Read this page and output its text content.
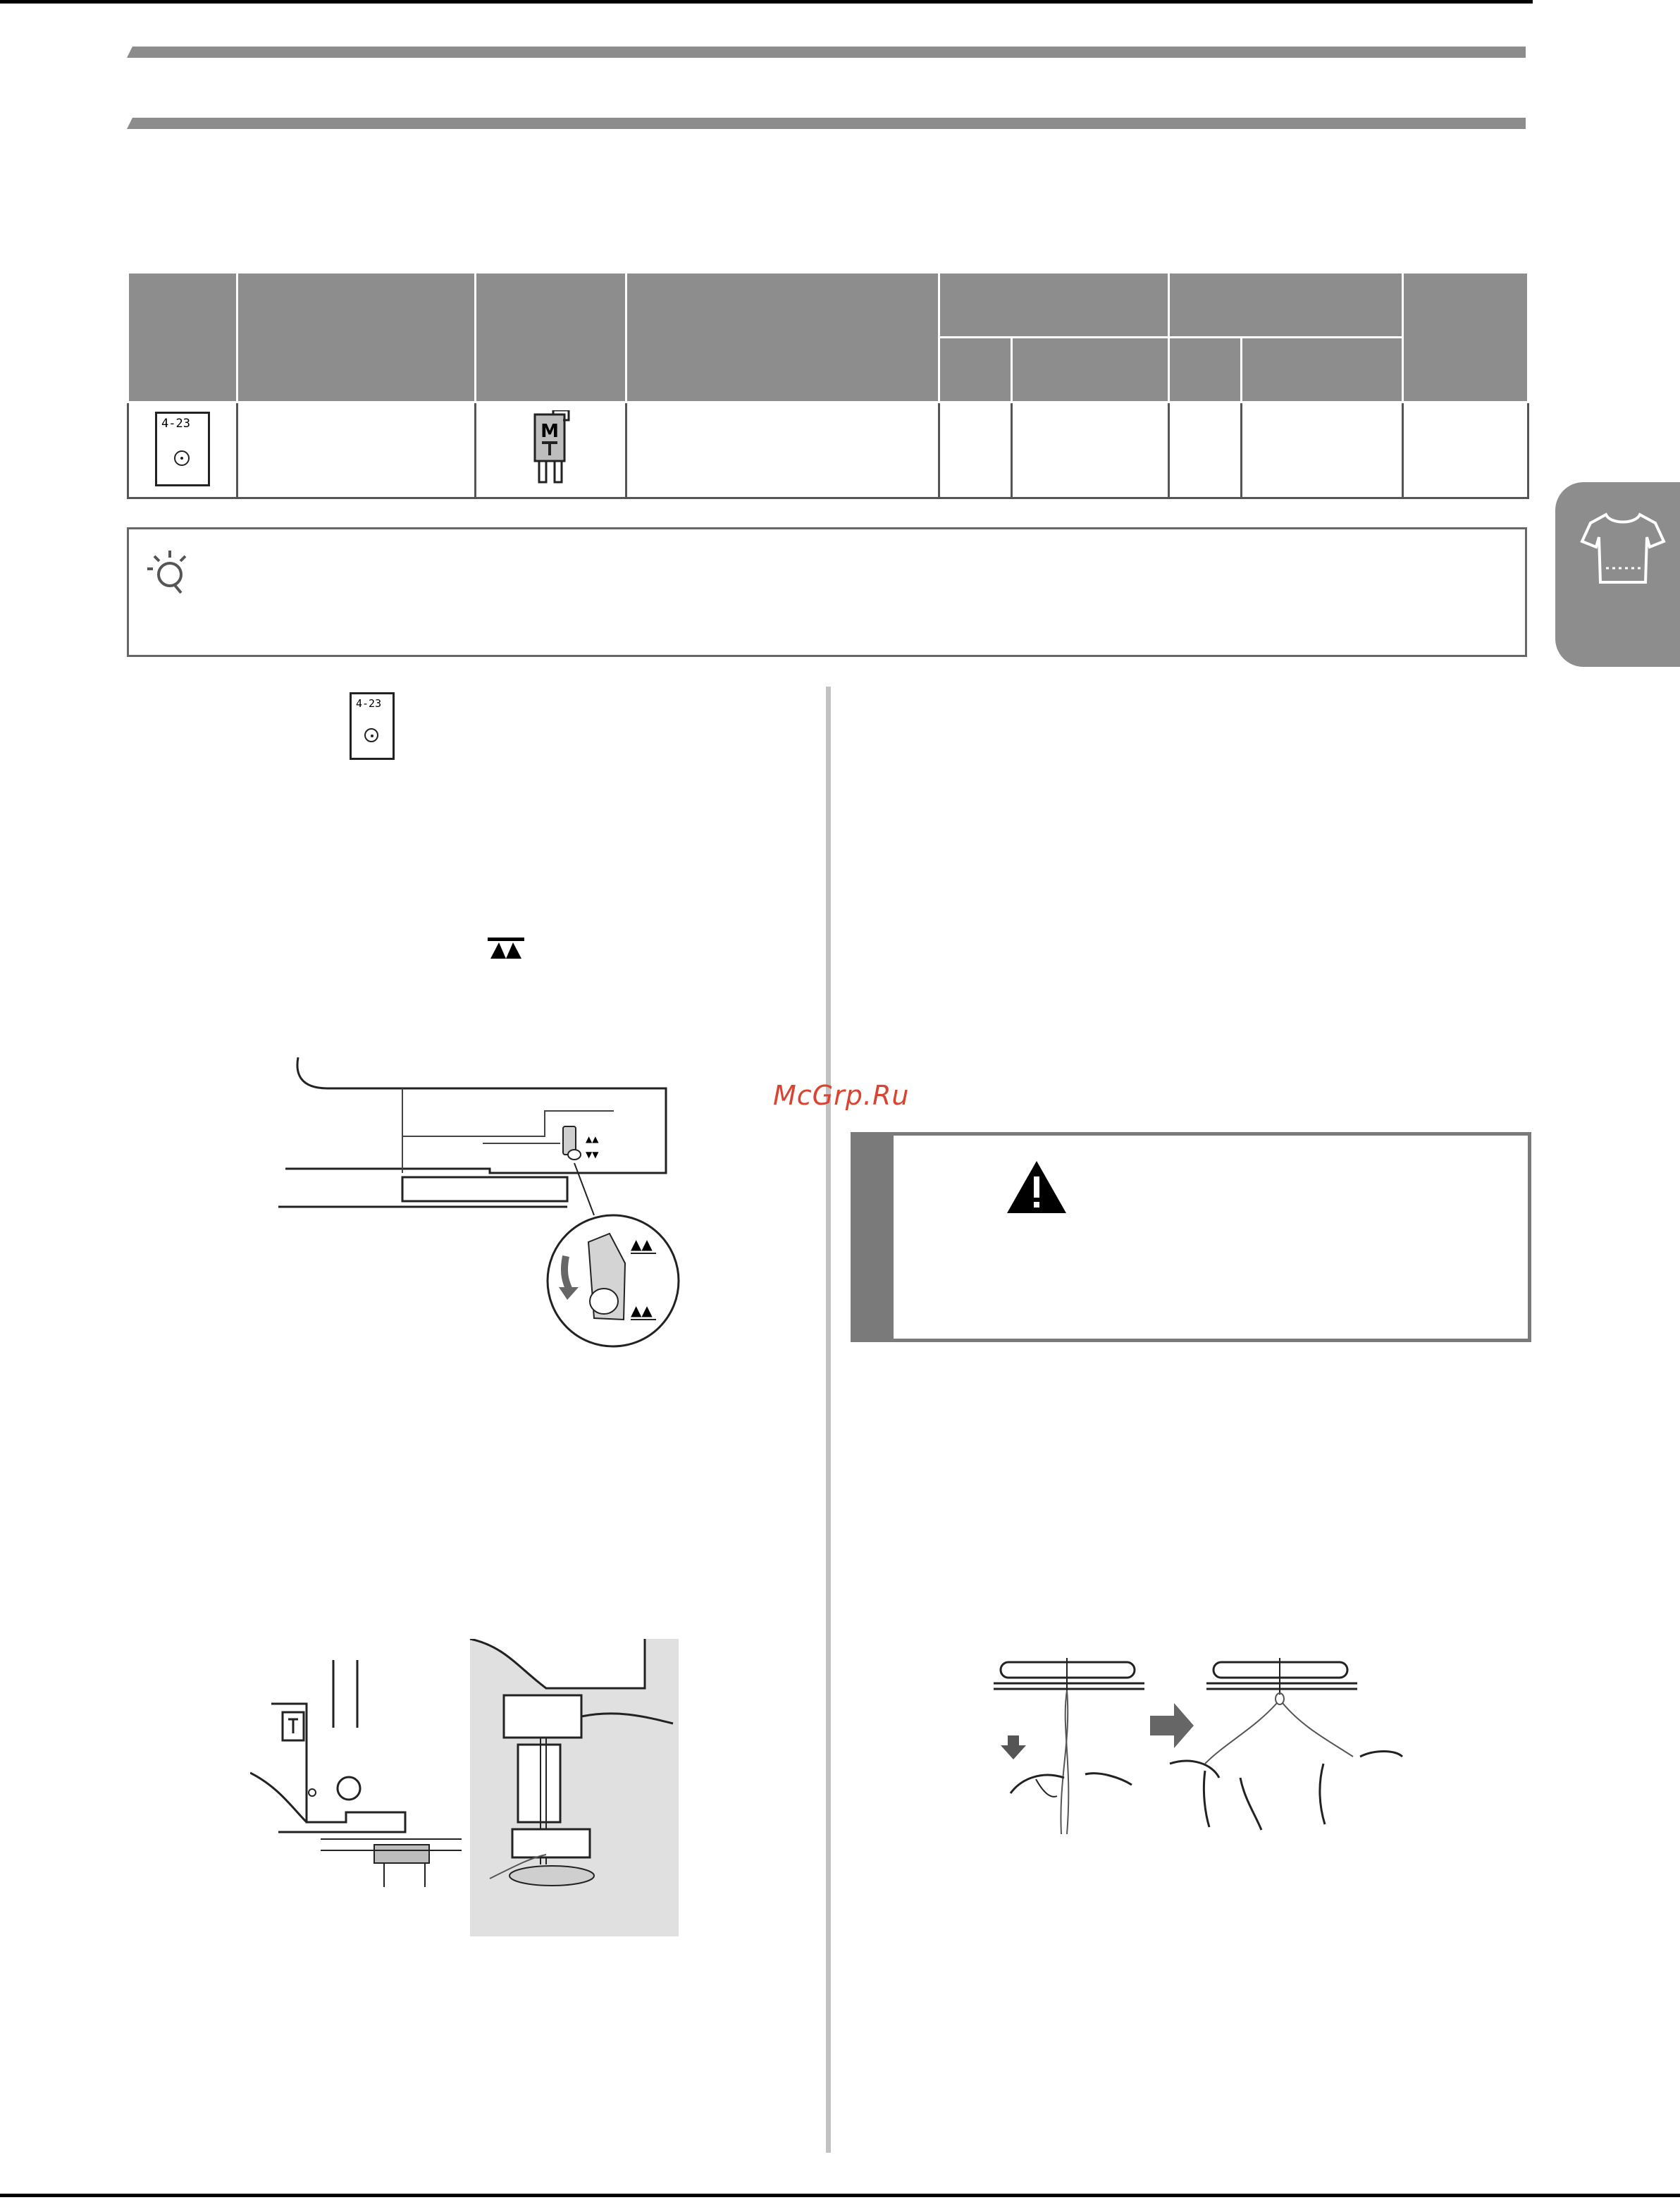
4-23		M						

4-23
▲▲
▼▼
▲▲
▲▲
McGrp.Ru
